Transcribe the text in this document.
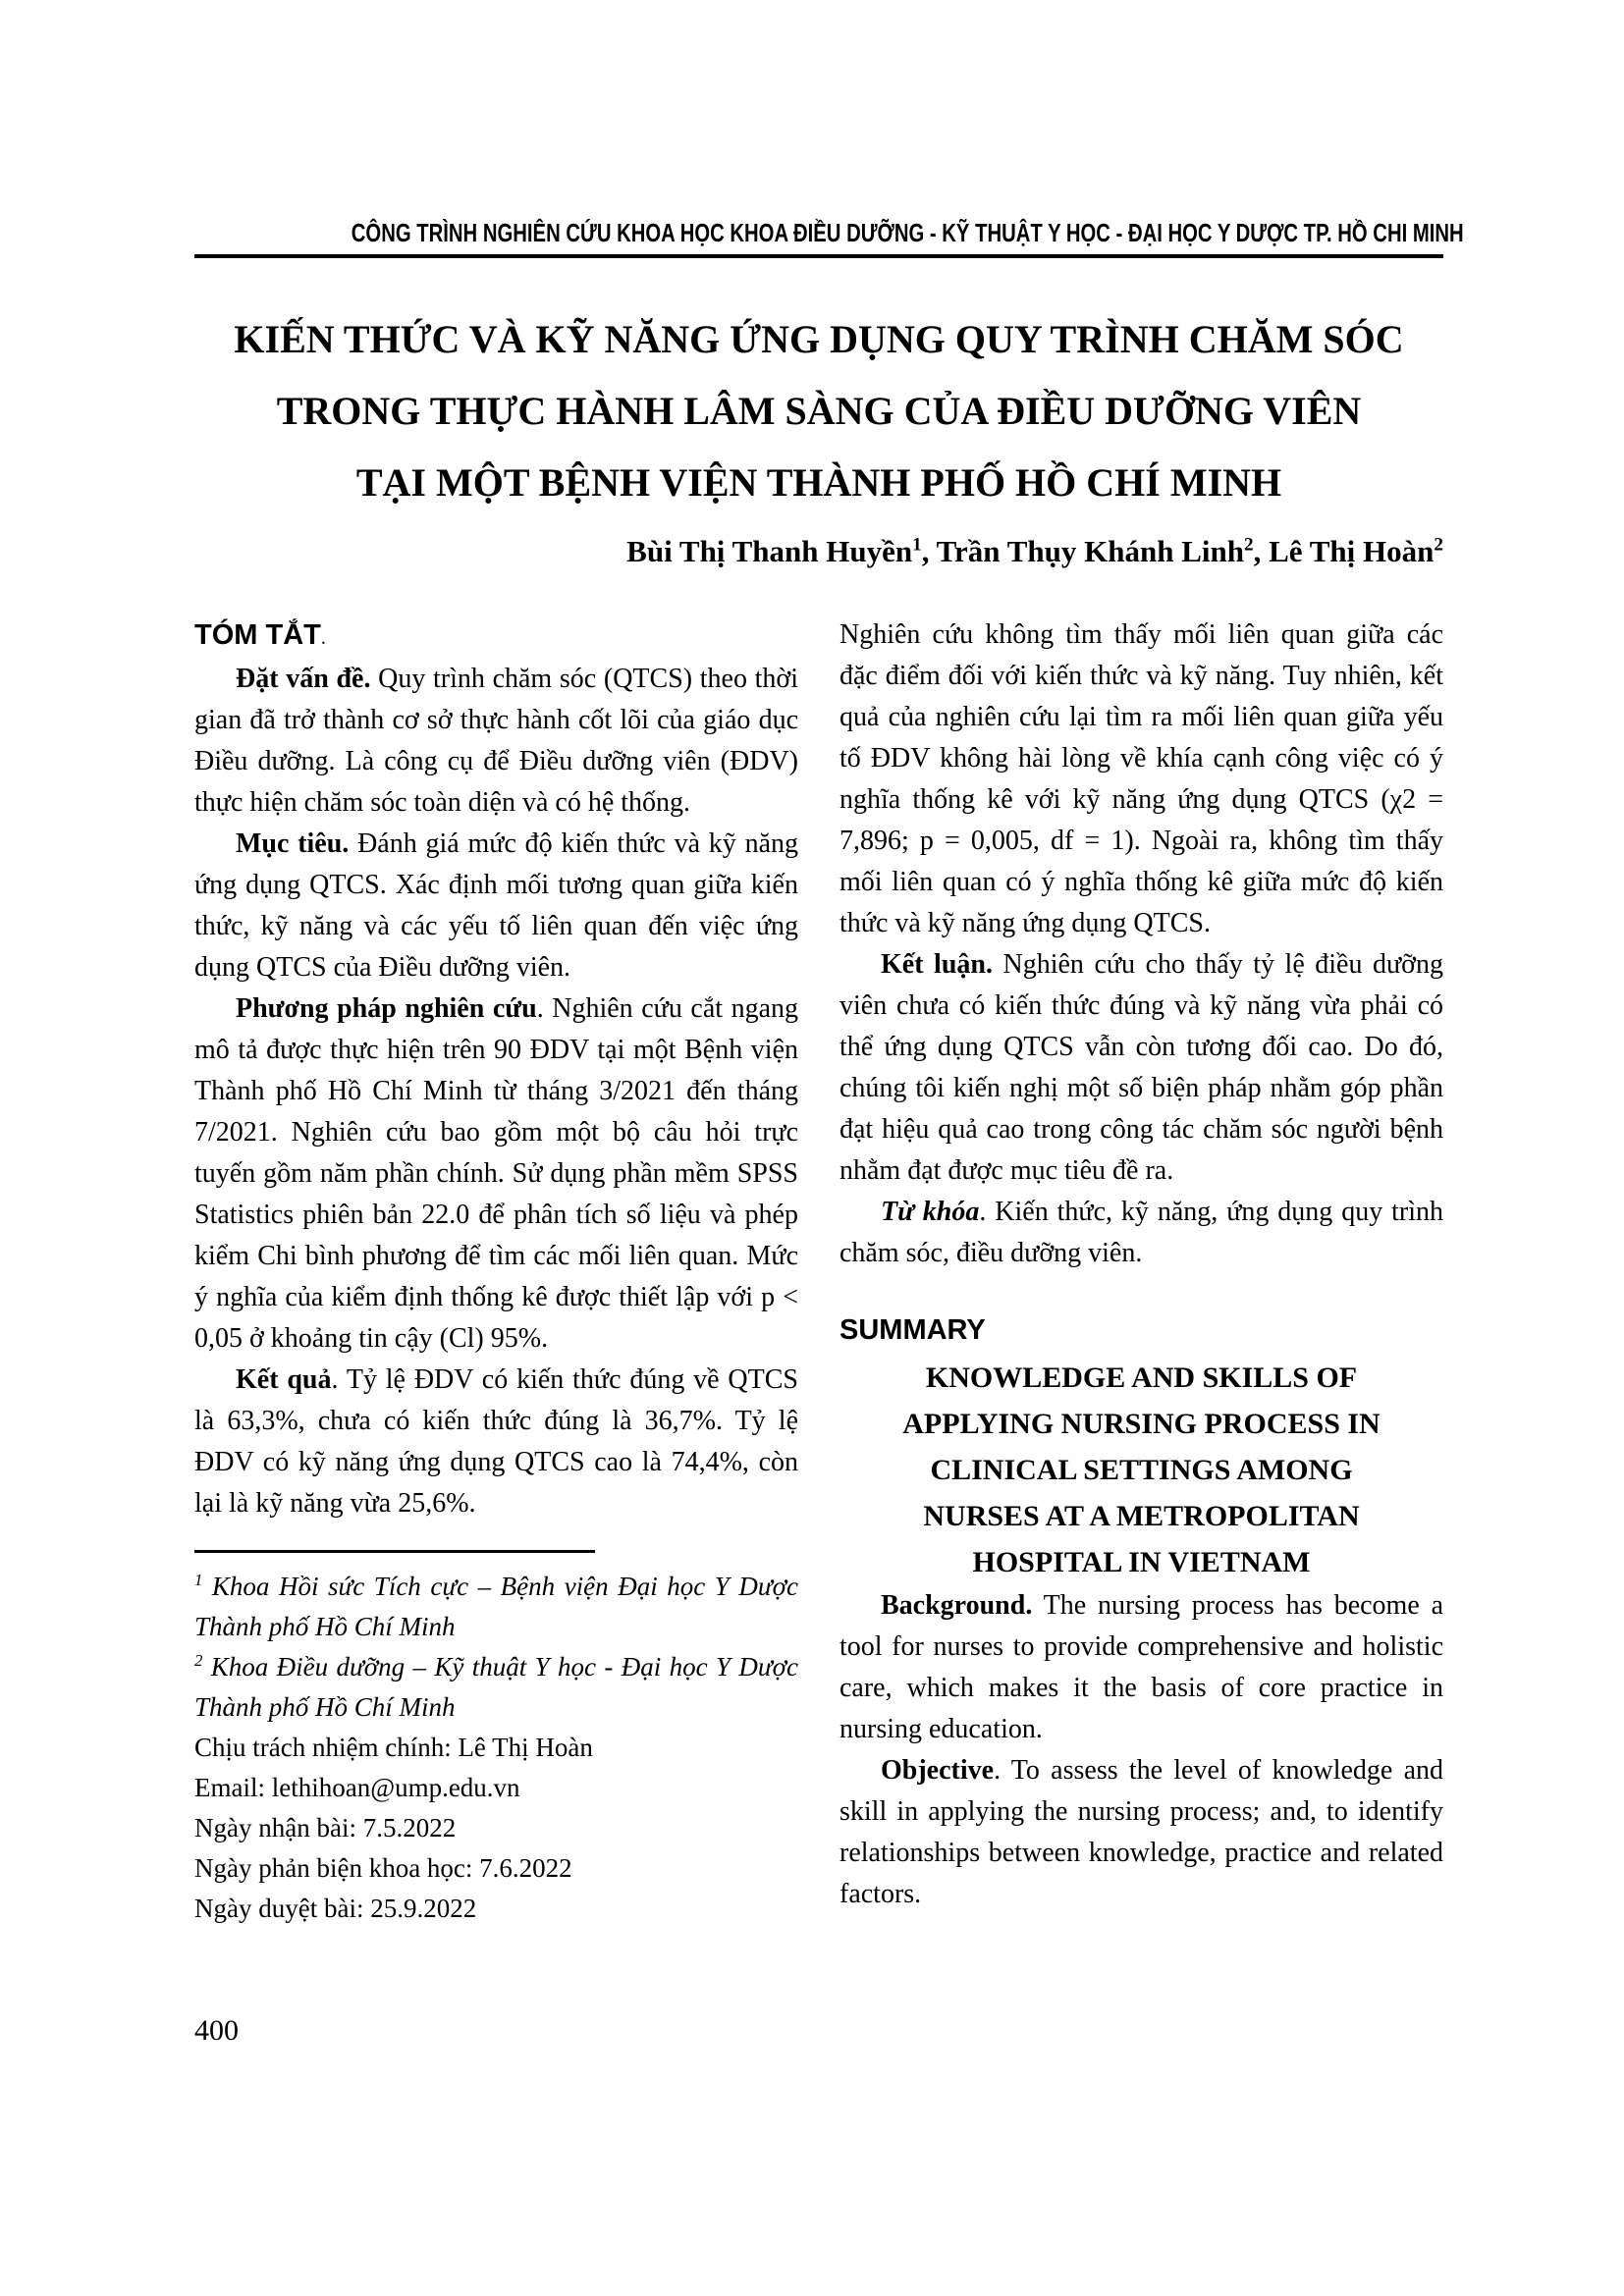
CÔNG TRÌNH NGHIÊN CỨU KHOA HỌC KHOA ĐIỀU DƯỠNG - KỸ THUẬT Y HỌC - ĐẠI HỌC Y DƯỢC TP. HỒ CHI MINH
KIẾN THỨC VÀ KỸ NĂNG ỨNG DỤNG QUY TRÌNH CHĂM SÓC
TRONG THỰC HÀNH LÂM SÀNG CỦA ĐIỀU DƯỠNG VIÊN
TẠI MỘT BỆNH VIỆN THÀNH PHỐ HỒ CHÍ MINH
Bùi Thị Thanh Huyền$^1$, Trần Thụy Khánh Linh$^2$, Lê Thị Hoàn$^2$
TÓM TẮT.

Đặt vấn đề. Quy trình chăm sóc (QTCS) theo thời gian đã trở thành cơ sở thực hành cốt lõi của giáo dục Điều dưỡng. Là công cụ để Điều dưỡng viên (ĐDV) thực hiện chăm sóc toàn diện và có hệ thống.

Mục tiêu. Đánh giá mức độ kiến thức và kỹ năng ứng dụng QTCS. Xác định mối tương quan giữa kiến thức, kỹ năng và các yếu tố liên quan đến việc ứng dụng QTCS của Điều dưỡng viên.

Phương pháp nghiên cứu. Nghiên cứu cắt ngang mô tả được thực hiện trên 90 ĐDV tại một Bệnh viện Thành phố Hồ Chí Minh từ tháng 3/2021 đến tháng 7/2021. Nghiên cứu bao gồm một bộ câu hỏi trực tuyến gồm năm phần chính. Sử dụng phần mềm SPSS Statistics phiên bản 22.0 để phân tích số liệu và phép kiểm Chi bình phương để tìm các mối liên quan. Mức ý nghĩa của kiểm định thống kê được thiết lập với p < 0,05 ở khoảng tin cậy (Cl) 95%.

Kết quả. Tỷ lệ ĐDV có kiến thức đúng về QTCS là 63,3%, chưa có kiến thức đúng là 36,7%. Tỷ lệ ĐDV có kỹ năng ứng dụng QTCS cao là 74,4%, còn lại là kỹ năng vừa 25,6%.

$^1$ Khoa Hồi sức Tích cực – Bệnh viện Đại học Y Dược Thành phố Hồ Chí Minh
$^2$ Khoa Điều dưỡng – Kỹ thuật Y học - Đại học Y Dược Thành phố Hồ Chí Minh
Chịu trách nhiệm chính: Lê Thị Hoàn
Email: lethihoan@ump.edu.vn
Ngày nhận bài: 7.5.2022
Ngày phản biện khoa học: 7.6.2022
Ngày duyệt bài: 25.9.2022

Nghiên cứu không tìm thấy mối liên quan giữa các đặc điểm đối với kiến thức và kỹ năng. Tuy nhiên, kết quả của nghiên cứu lại tìm ra mối liên quan giữa yếu tố ĐDV không hài lòng về khía cạnh công việc có ý nghĩa thống kê với kỹ năng ứng dụng QTCS (χ2 = 7,896; p = 0,005, df = 1). Ngoài ra, không tìm thấy mối liên quan có ý nghĩa thống kê giữa mức độ kiến thức và kỹ năng ứng dụng QTCS.

Kết luận. Nghiên cứu cho thấy tỷ lệ điều dưỡng viên chưa có kiến thức đúng và kỹ năng vừa phải có thể ứng dụng QTCS vẫn còn tương đối cao. Do đó, chúng tôi kiến nghị một số biện pháp nhằm góp phần đạt hiệu quả cao trong công tác chăm sóc người bệnh nhằm đạt được mục tiêu đề ra.

Từ khóa. Kiến thức, kỹ năng, ứng dụng quy trình chăm sóc, điều dưỡng viên.

SUMMARY
KNOWLEDGE AND SKILLS OF
APPLYING NURSING PROCESS IN
CLINICAL SETTINGS AMONG
NURSES AT A METROPOLITAN
HOSPITAL IN VIETNAM

Background. The nursing process has become a tool for nurses to provide comprehensive and holistic care, which makes it the basis of core practice in nursing education.

Objective. To assess the level of knowledge and skill in applying the nursing process; and, to identify relationships between knowledge, practice and related factors.

400
